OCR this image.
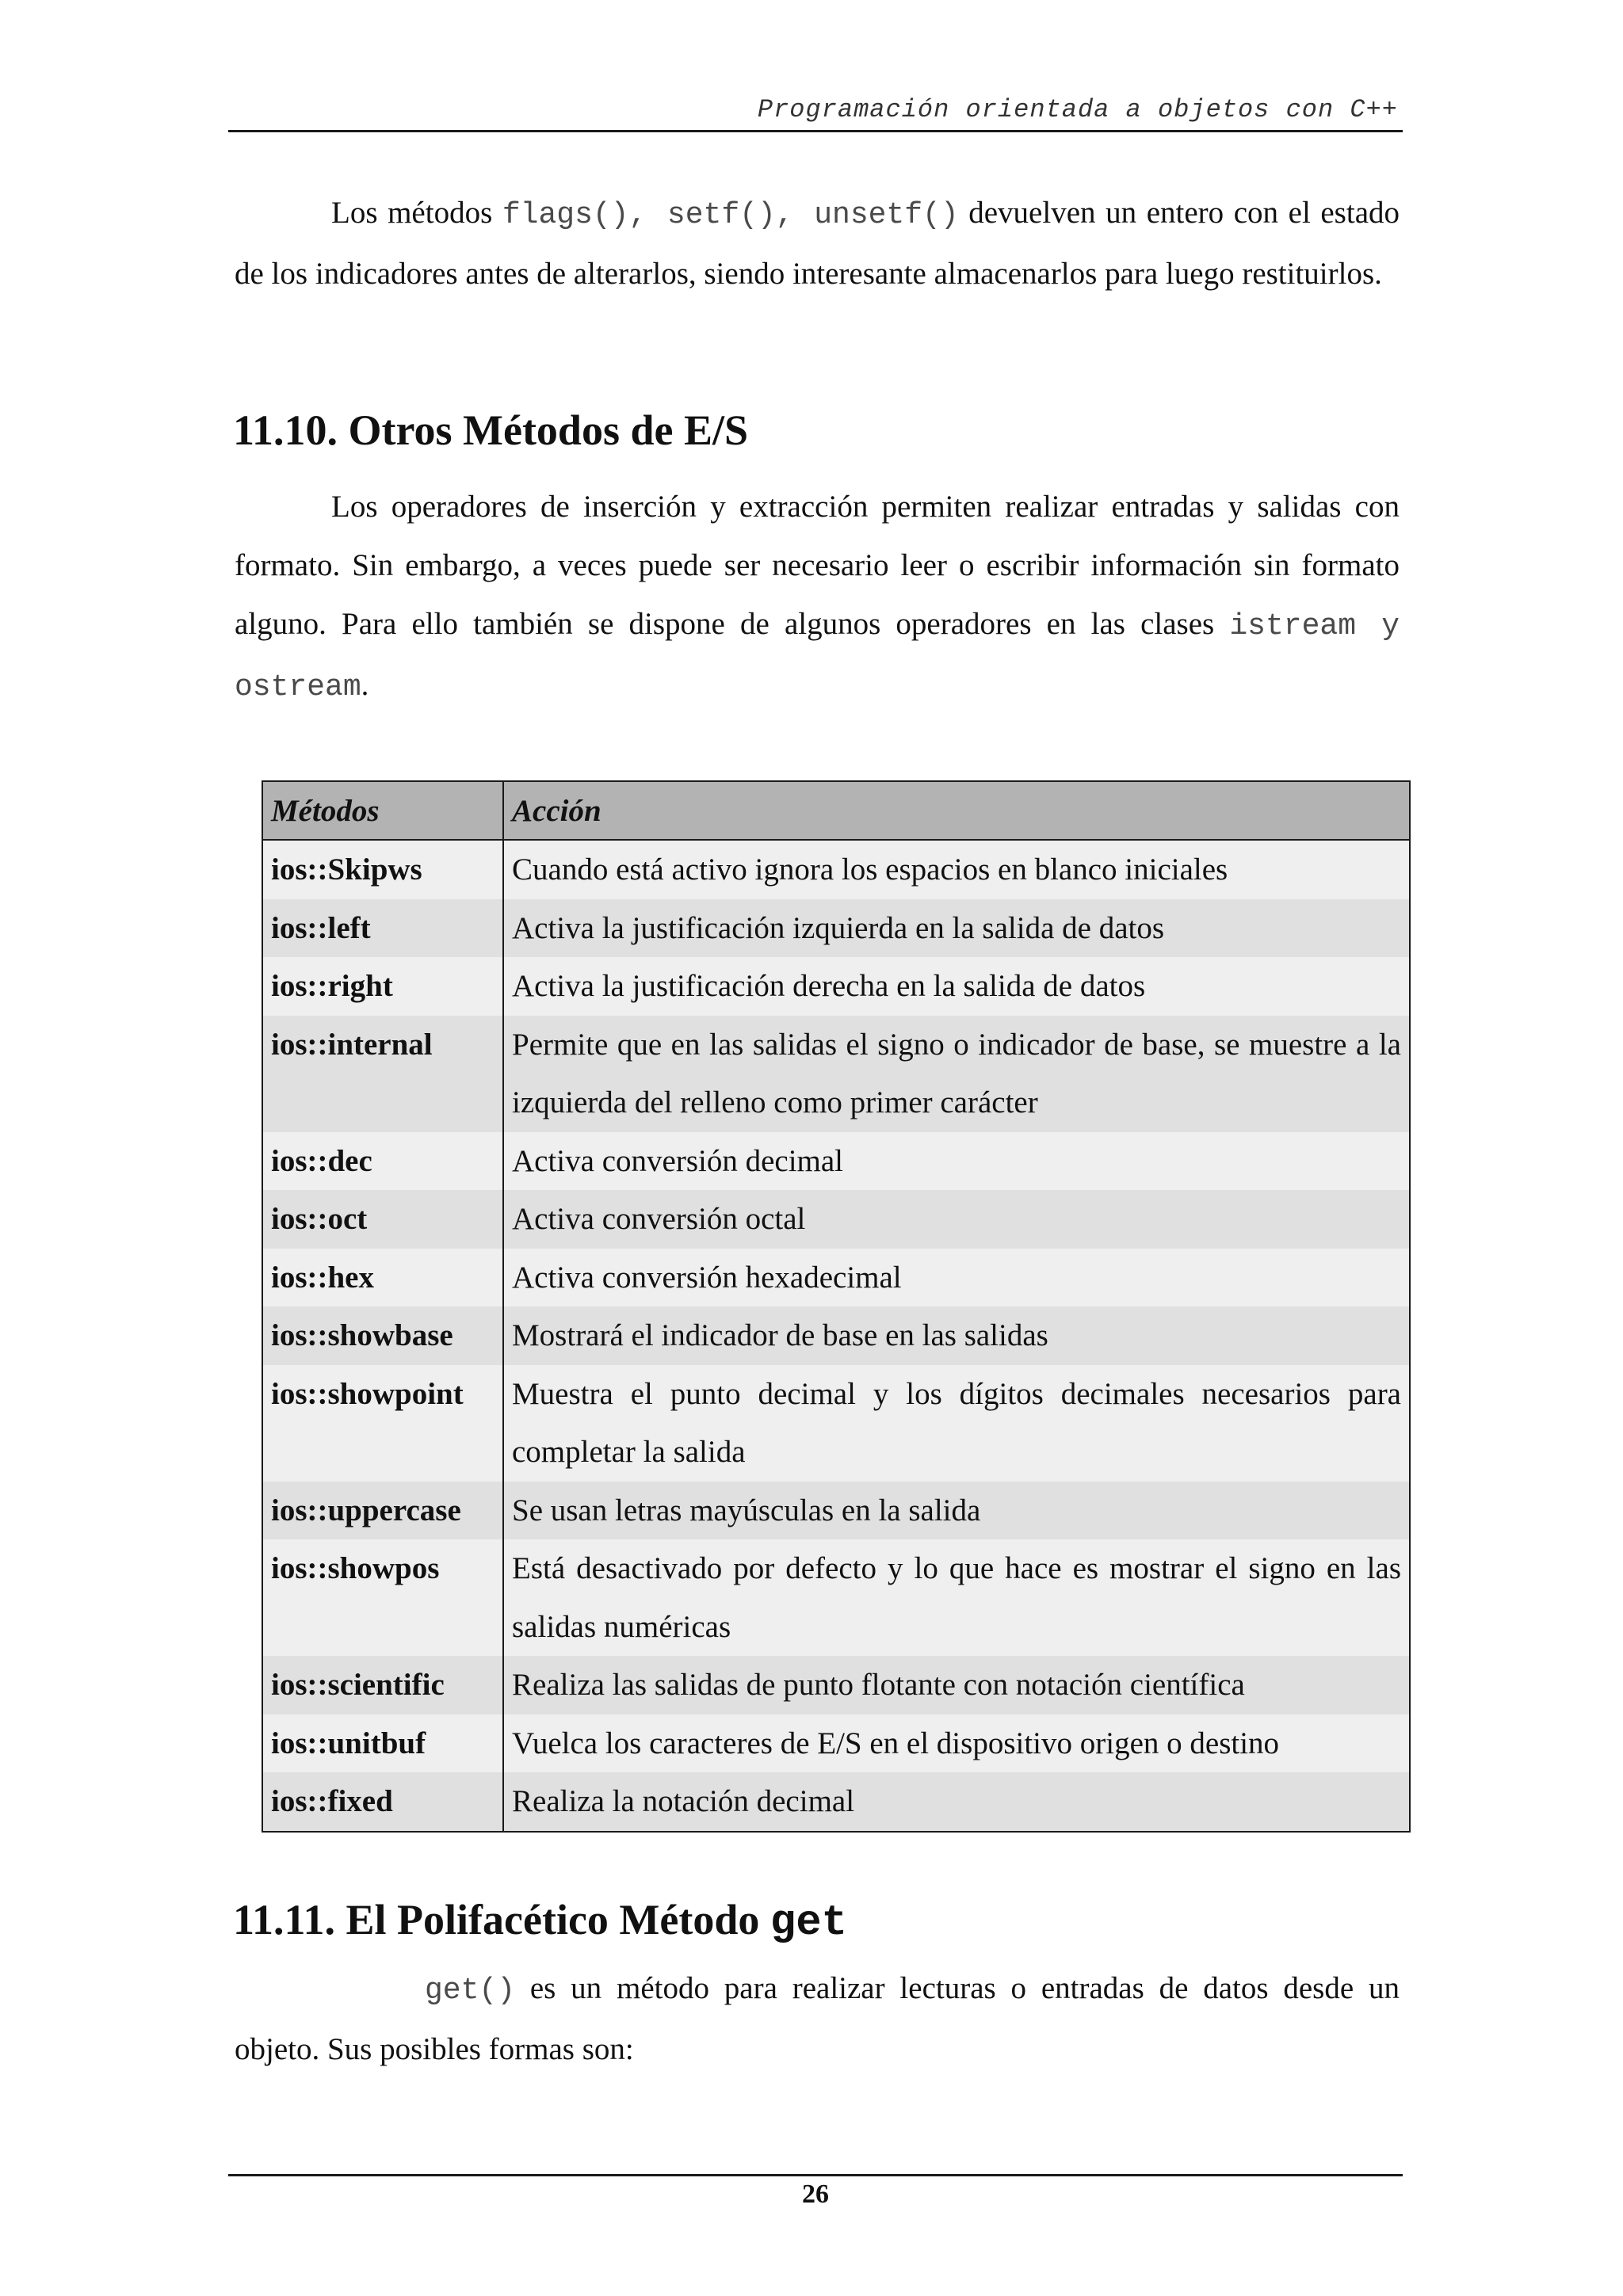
Programación orientada a objetos con C++

Los métodos flags(), setf(), unsetf() devuelven un entero con el estado de los indicadores antes de alterarlos, siendo interesante almacenarlos para luego restituirlos.

11.10. Otros Métodos de E/S

Los operadores de inserción y extracción permiten realizar entradas y salidas con formato. Sin embargo, a veces puede ser necesario leer o escribir información sin formato alguno. Para ello también se dispone de algunos operadores en las clases istream y ostream.

Métodos	Acción
ios::Skipws	Cuando está activo ignora los espacios en blanco iniciales
ios::left	Activa la justificación izquierda en la salida de datos
ios::right	Activa la justificación derecha en la salida de datos
ios::internal	Permite que en las salidas el signo o indicador de base, se muestre a la izquierda del relleno como primer carácter
ios::dec	Activa conversión decimal
ios::oct	Activa conversión octal
ios::hex	Activa conversión hexadecimal
ios::showbase	Mostrará el indicador de base en las salidas
ios::showpoint	Muestra el punto decimal y los dígitos decimales necesarios para completar la salida
ios::uppercase	Se usan letras mayúsculas en la salida
ios::showpos	Está desactivado por defecto y lo que hace es mostrar el signo en las salidas numéricas
ios::scientific	Realiza las salidas de punto flotante con notación científica
ios::unitbuf	Vuelca los caracteres de E/S en el dispositivo origen o destino
ios::fixed	Realiza la notación decimal
11.11. El Polifacético Método get

get() es un método para realizar lecturas o entradas de datos desde un objeto. Sus posibles formas son:

26
